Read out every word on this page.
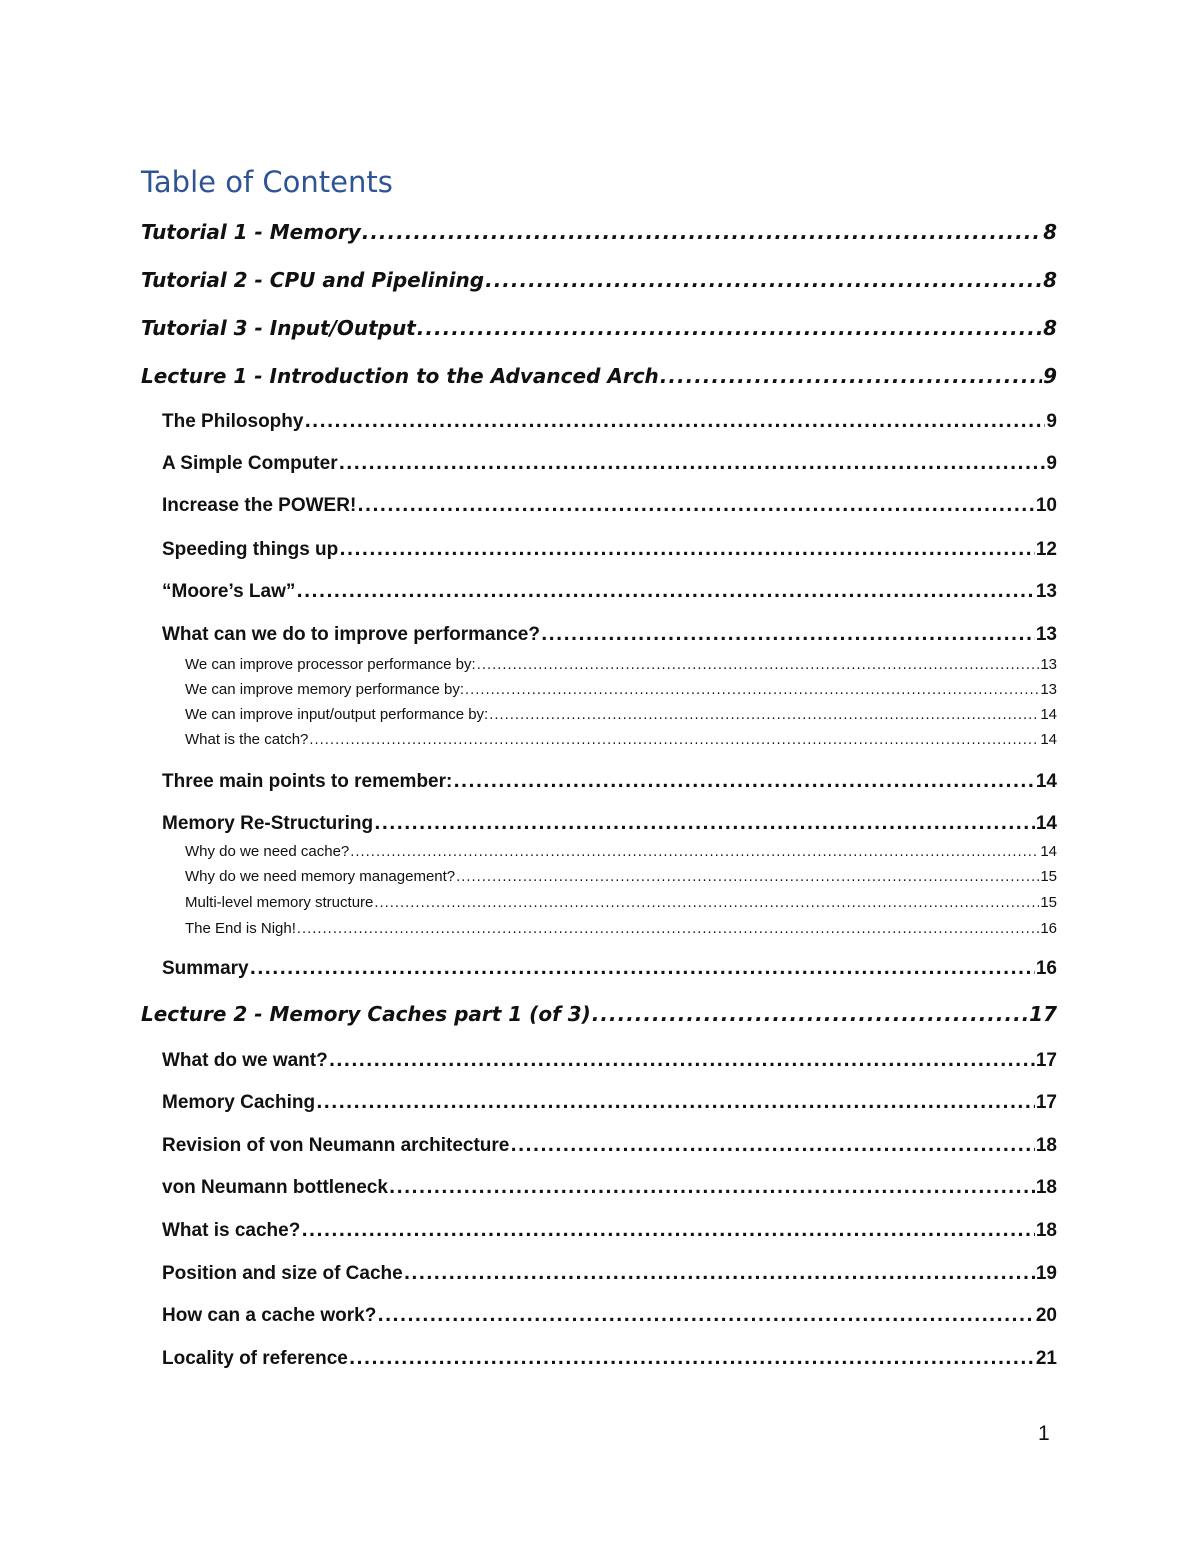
Table of Contents
Tutorial 1 - Memory .....	8
Tutorial 2 - CPU and Pipelining .....	8
Tutorial 3 - Input/Output .....	8
Lecture 1 - Introduction to the Advanced Arch .....	9
The Philosophy .....	9
A Simple Computer .....	9
Increase the POWER! .....	10
Speeding things up .....	12
“Moore’s Law” .....	13
What can we do to improve performance? .....	13
We can improve processor performance by: .....	13
We can improve memory performance by: .....	13
We can improve input/output performance by: .....	14
What is the catch? .....	14
Three main points to remember: .....	14
Memory Re-Structuring .....	14
Why do we need cache? .....	14
Why do we need memory management? .....	15
Multi-level memory structure .....	15
The End is Nigh! .....	16
Summary .....	16
Lecture 2 - Memory Caches part 1 (of 3) .....	17
What do we want? .....	17
Memory Caching .....	17
Revision of von Neumann architecture .....	18
von Neumann bottleneck .....	18
What is cache? .....	18
Position and size of Cache .....	19
How can a cache work? .....	20
Locality of reference .....	21
1
